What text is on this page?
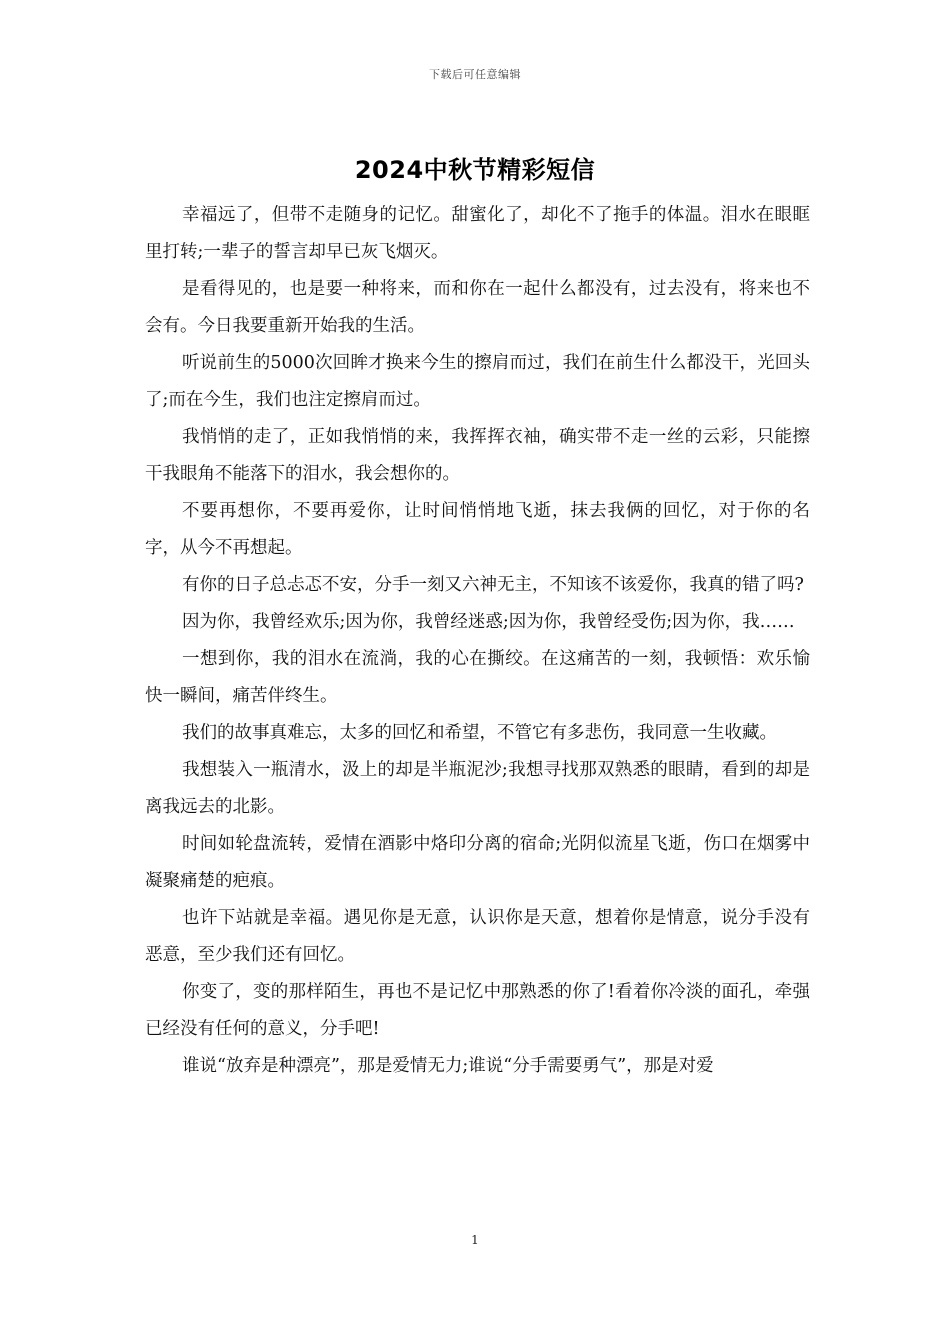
下载后可任意编辑
2024中秋节精彩短信

幸福远了，但带不走随身的记忆。甜蜜化了，却化不了拖手的体温。泪水在眼眶里打转;一辈子的誓言却早已灰飞烟灭。

是看得见的，也是要一种将来，而和你在一起什么都没有，过去没有，将来也不会有。今日我要重新开始我的生活。

听说前生的5000次回眸才换来今生的擦肩而过，我们在前生什么都没干，光回头了;而在今生，我们也注定擦肩而过。

我悄悄的走了，正如我悄悄的来，我挥挥衣袖，确实带不走一丝的云彩，只能擦干我眼角不能落下的泪水，我会想你的。

不要再想你，不要再爱你，让时间悄悄地飞逝，抹去我俩的回忆，对于你的名字，从今不再想起。

有你的日子总忐忑不安，分手一刻又六神无主，不知该不该爱你，我真的错了吗?

因为你，我曾经欢乐;因为你，我曾经迷惑;因为你，我曾经受伤;因为你，我……

一想到你，我的泪水在流淌，我的心在撕绞。在这痛苦的一刻，我顿悟：欢乐愉快一瞬间，痛苦伴终生。

我们的故事真难忘，太多的回忆和希望，不管它有多悲伤，我同意一生收藏。

我想装入一瓶清水，汲上的却是半瓶泥沙;我想寻找那双熟悉的眼睛，看到的却是离我远去的北影。

时间如轮盘流转，爱情在酒影中烙印分离的宿命;光阴似流星飞逝，伤口在烟雾中凝聚痛楚的疤痕。

也许下站就是幸福。遇见你是无意，认识你是天意，想着你是情意，说分手没有恶意，至少我们还有回忆。

你变了，变的那样陌生，再也不是记忆中那熟悉的你了!看着你冷淡的面孔，牵强已经没有任何的意义，分手吧!

谁说“放弃是种漂亮”，那是爱情无力;谁说“分手需要勇气”，那是对爱

1
